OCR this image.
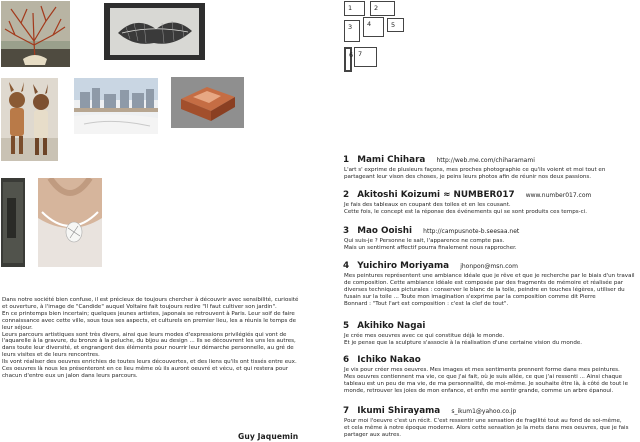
Dans notre société bien confuse, il est précieux de toujours chercher à découvrir avec sensibilité, curiosité et ouverture, à l'image de "Candide" auquel Voltaire fait toujours redire "Il faut cultiver son jardin".

En ce printemps bien incertain; quelques jeunes artistes, japonais se retrouvent à Paris. Leur soif de faire connaissance avec cette ville, sous tous ses aspects, et culturels en premier lieu, les a réunis le temps de leur séjour.

Leurs parcours artistiques sont très divers, ainsi que leurs modes d'expressions privilégiés qui vont de l'aquarelle à la gravure, du bronze à la peluche, du bijou au design ... Ils se découvrent les uns les autres, dans toute leur diversité, et engrangent des éléments pour nourrir leur démarche personnelle, au gré de leurs visites et de leurs rencontres.

Ils vont réaliser des oeuvres enrichies de toutes leurs découvertes, et des liens qu'ils ont tissés entre eux.

Ces oeuvres là nous les présenteront en ce lieu même où ils auront oeuvré et vécu, et qui restera pour chacun d'entre eux un jalon dans leurs parcours.

Guy Jaquemin
1	2
3	4	5
6 7
1 Mami Chihara http://web.me.com/chiharamami

L'art s' exprime de plusieurs façons, mes proches photographie ce qu'ils voient et moi tout en

partageant leur vison des choses, je peins leurs photos afin de réunir nos deux passions.

2 Akitoshi Koizumi ≈ NUMBER017 www.number017.com

Je fais des tableaux en coupant des toiles et en les cousant.

Cette fois, le concept est la réponse des événements qui se sont produits ces temps-ci.

3 Mao Ooishi http://campusnote-b.seesaa.net

Qui suis-je ? Personne le sait, l'apparence ne compte pas.

Mais un sentiment affectif pourra finalement nous rapprocher.

4 Yuichiro Moriyama jhonpon@msn.com

Mes peintures représentent une ambiance idéale que je rêve et que je recherche par le biais d'un travail

de composition. Cette ambiance idéale est composée par des fragments de mémoire et réalisée par

diverses techniques picturales : conserver le blanc de la toile, peindre en touches légères, utiliser du

fusain sur la toile ... Toute mon imagination s'exprime par la composition comme dit Pierre

Bonnard : "Tout l'art est composition : c'est la clef de tout".

5 Akihiko Nagai

Je crée mes oeuvres avec ce qui constitue déjà le monde.

Et je pense que la sculpture s'associe à la réalisation d'une certaine vision du monde.

6 Ichiko Nakao

Je vis pour créer mes oeuvres. Mes images et mes sentiments prennent forme dans mes peintures.

Mes oeuvres contiennent ma vie, ce que j'ai fait, où je suis allée, ce que j'ai ressenti ... Ainsi chaque

tableau est un peu de ma vie, de ma personnalité, de moi-même. Je souhaite être là, à côté de tout le

monde, retrouver les joies de mon enfance, et enfin me sentir grande, comme un arbre épanoui.

7 Ikumi Shirayama s_ikum1@yahoo.co.jp

Pour moi l'oeuvre c'est un récit. C'est ressentir une sensation de fragilité tout au fond de soi-même,

et cela même à notre époque moderne. Alors cette sensation je la mets dans mes oeuvres, que je fais

partager aux autres.
